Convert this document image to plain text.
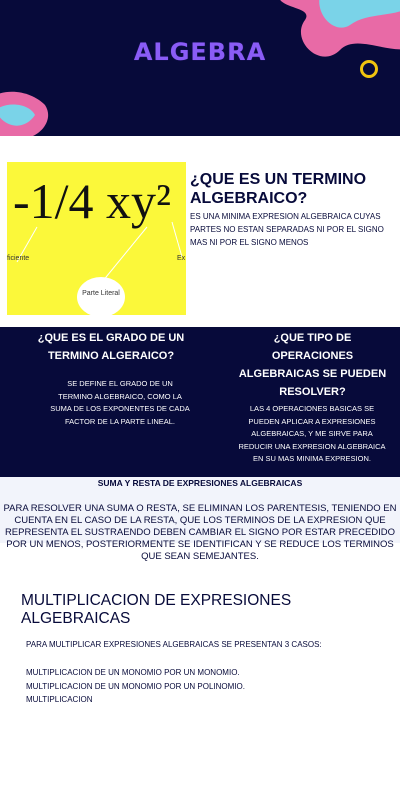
ALGEBRA
-1/4 xy²
ficiente	Ex
Parte Literal
¿QUE ES UN TERMINO ALGEBRAICO?
ES UNA MINIMA EXPRESION ALGEBRAICA CUYAS PARTES NO ESTAN SEPARADAS NI POR EL SIGNO MAS NI POR EL SIGNO MENOS
¿QUE ES EL GRADO DE UN TERMINO ALGERAICO?
SE DEFINE EL GRADO DE UN TERMINO ALGEBRAICO, COMO LA SUMA DE LOS EXPONENTES DE CADA FACTOR DE LA PARTE LINEAL.
¿QUE TIPO DE OPERACIONES ALGEBRAICAS SE PUEDEN RESOLVER?
LAS 4 OPERACIONES BASICAS SE PUEDEN APLICAR A EXPRESIONES ALGEBRAICAS, Y ME SIRVE PARA REDUCIR UNA EXPRESION ALGEBRAICA EN SU MAS MINIMA EXPRESION.
SUMA Y RESTA DE EXPRESIONES ALGEBRAICAS
PARA RESOLVER UNA SUMA O RESTA, SE ELIMINAN LOS PARENTESIS, TENIENDO EN CUENTA EN EL CASO DE LA RESTA, QUE LOS TERMINOS DE LA EXPRESION QUE REPRESENTA EL SUSTRAENDO DEBEN CAMBIAR EL SIGNO POR ESTAR PRECEDIDO POR UN MENOS, POSTERIORMENTE SE IDENTIFICAN Y SE REDUCE LOS TERMINOS QUE SEAN SEMEJANTES.
MULTIPLICACION DE EXPRESIONES ALGEBRAICAS
PARA MULTIPLICAR EXPRESIONES ALGEBRAICAS SE PRESENTAN 3 CASOS:
MULTIPLICACION DE UN MONOMIO POR UN MONOMIO.
MULTIPLICACION DE UN MONOMIO POR UN POLINOMIO.
MULTIPLICACION
